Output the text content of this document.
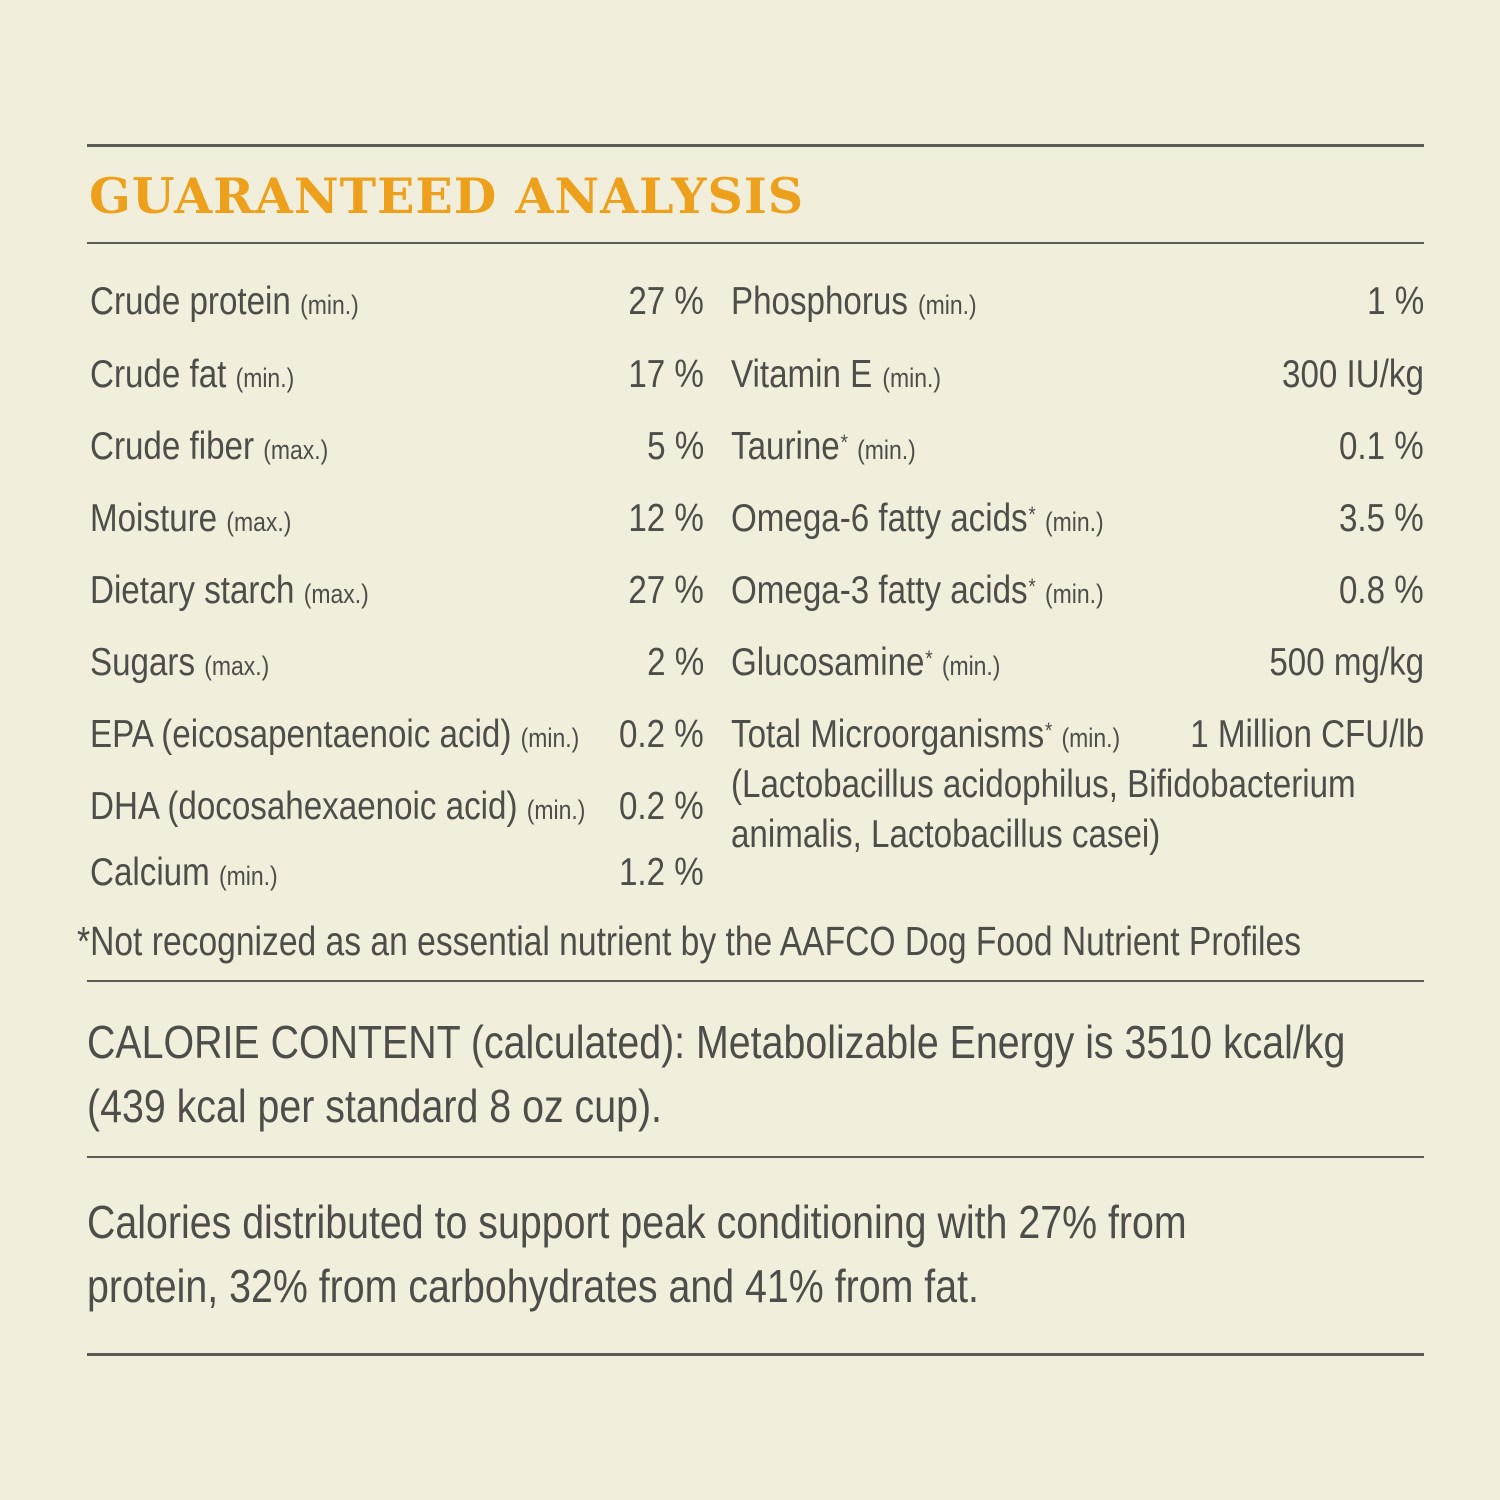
GUARANTEED ANALYSIS
Crude protein (min.)	27 %
Crude fat (min.)	17 %
Crude fiber (max.)	5 %
Moisture (max.)	12 %
Dietary starch (max.)	27 %
Sugars (max.)	2 %
EPA (eicosapentaenoic acid) (min.) 0.2 %
DHA (docosahexaenoic acid) (min.) 0.2 %
Calcium (min.)	1.2 %
Phosphorus (min.)	1 %
Vitamin E (min.)	300 IU/kg
Taurine* (min.)	0.1 %
Omega-6 fatty acids* (min.)	3.5 %
Omega-3 fatty acids* (min.)	0.8 %
Glucosamine* (min.)	500 mg/kg
Total Microorganisms* (min.) 1 Million CFU/lb
(Lactobacillus acidophilus, Bifidobacterium
animalis, Lactobacillus casei)
*Not recognized as an essential nutrient by the AAFCO Dog Food Nutrient Profiles
CALORIE CONTENT (calculated): Metabolizable Energy is 3510 kcal/kg
(439 kcal per standard 8 oz cup).
Calories distributed to support peak conditioning with 27% from
protein, 32% from carbohydrates and 41% from fat.
